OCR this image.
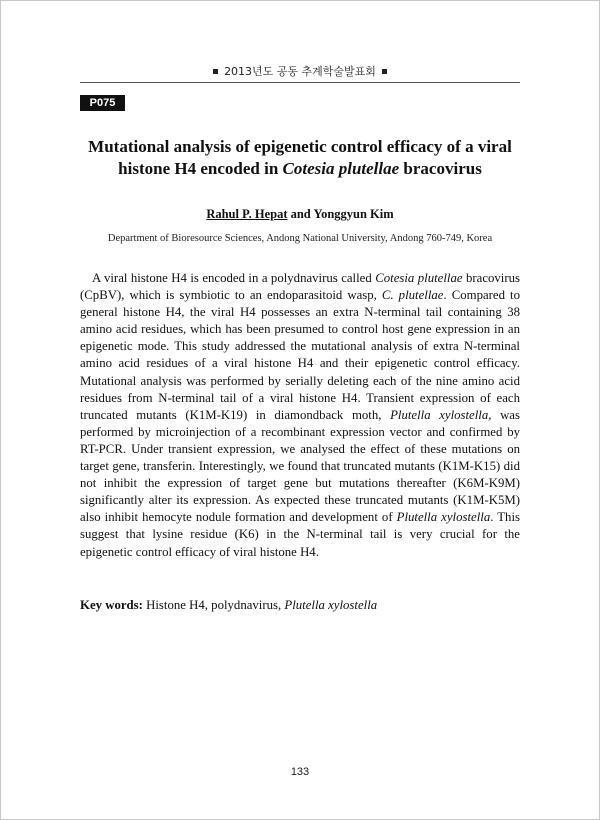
2013년도 공동 추계학술발표회
P075
Mutational analysis of epigenetic control efficacy of a viral
histone H4 encoded in Cotesia plutellae bracovirus
Rahul P. Hepat and Yonggyun Kim
Department of Bioresource Sciences, Andong National University, Andong 760-749, Korea

A viral histone H4 is encoded in a polydnavirus called Cotesia plutellae bracovirus (CpBV), which is symbiotic to an endoparasitoid wasp, C. plutellae. Compared to general histone H4, the viral H4 possesses an extra N-terminal tail containing 38 amino acid residues, which has been presumed to control host gene expression in an epigenetic mode. This study addressed the mutational analysis of extra N-terminal amino acid residues of a viral histone H4 and their epigenetic control efficacy. Mutational analysis was performed by serially deleting each of the nine amino acid residues from N-terminal tail of a viral histone H4. Transient expression of each truncated mutants (K1M-K19) in diamondback moth, Plutella xylostella, was performed by microinjection of a recombinant expression vector and confirmed by RT-PCR. Under transient expression, we analysed the effect of these mutations on target gene, transferin. Interestingly, we found that truncated mutants (K1M-K15) did not inhibit the expression of target gene but mutations thereafter (K6M-K9M) significantly alter its expression. As expected these truncated mutants (K1M-K5M) also inhibit hemocyte nodule formation and development of Plutella xylostella. This suggest that lysine residue (K6) in the N-terminal tail is very crucial for the epigenetic control efficacy of viral histone H4.

Key words: Histone H4, polydnavirus, Plutella xylostella
133
